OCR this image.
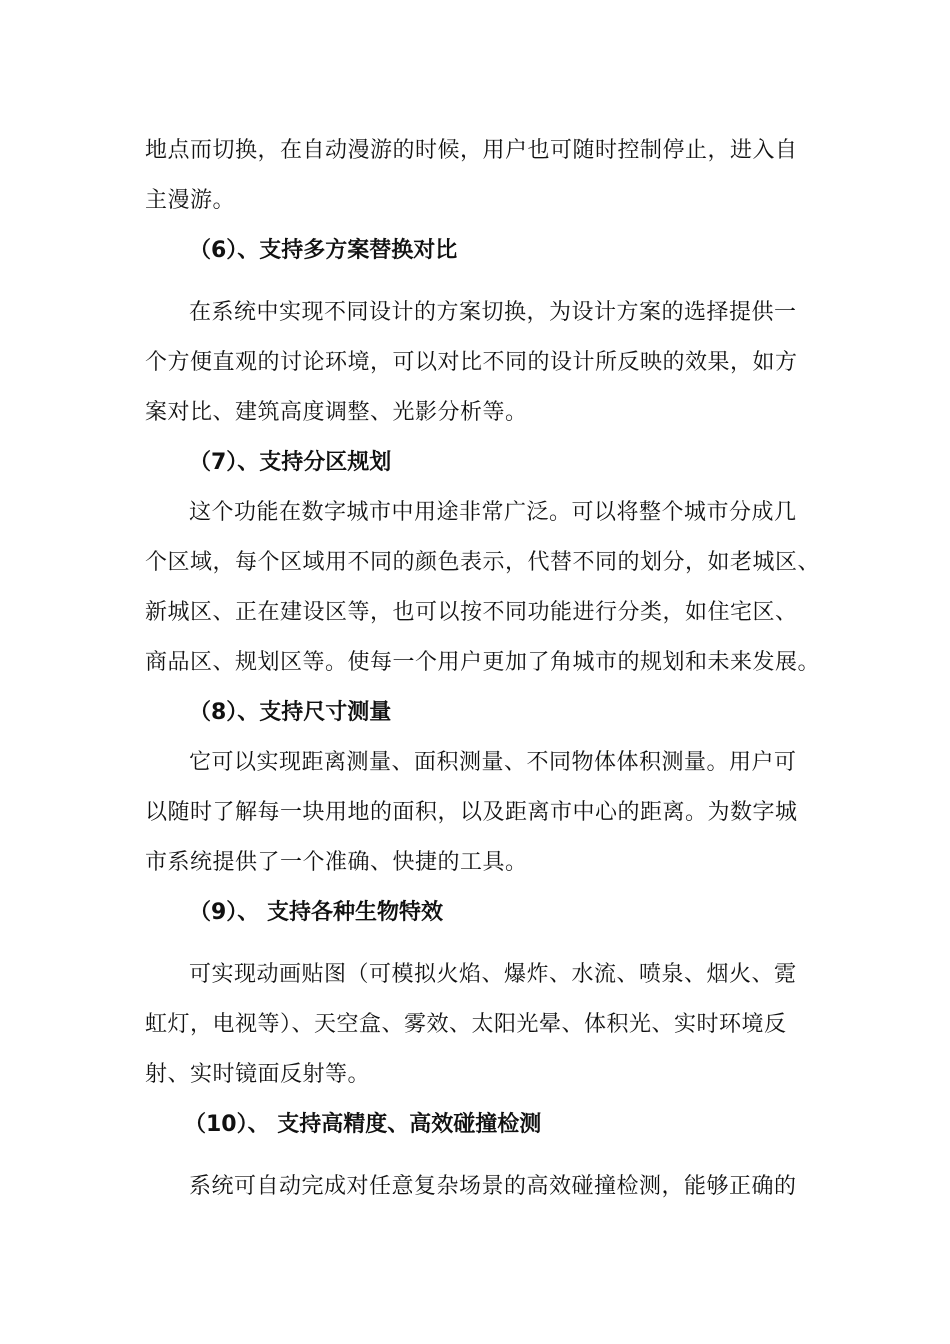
地点而切换，在自动漫游的时候，用户也可随时控制停止，进入自
主漫游。
（6）、支持多方案替换对比
在系统中实现不同设计的方案切换，为设计方案的选择提供一
个方便直观的讨论环境，可以对比不同的设计所反映的效果，如方
案对比、建筑高度调整、光影分析等。
（7）、支持分区规划
这个功能在数字城市中用途非常广泛。可以将整个城市分成几
个区域，每个区域用不同的颜色表示，代替不同的划分，如老城区、
新城区、正在建设区等，也可以按不同功能进行分类，如住宅区、
商品区、规划区等。使每一个用户更加了角城市的规划和未来发展。
（8）、支持尺寸测量
它可以实现距离测量、面积测量、不同物体体积测量。用户可
以随时了解每一块用地的面积，以及距离市中心的距离。为数字城
市系统提供了一个准确、快捷的工具。
（9）、 支持各种生物特效
可实现动画贴图（可模拟火焰、爆炸、水流、喷泉、烟火、霓
虹灯，电视等）、天空盒、雾效、太阳光晕、体积光、实时环境反
射、实时镜面反射等。
（10）、 支持高精度、高效碰撞检测
系统可自动完成对任意复杂场景的高效碰撞检测，能够正确的
